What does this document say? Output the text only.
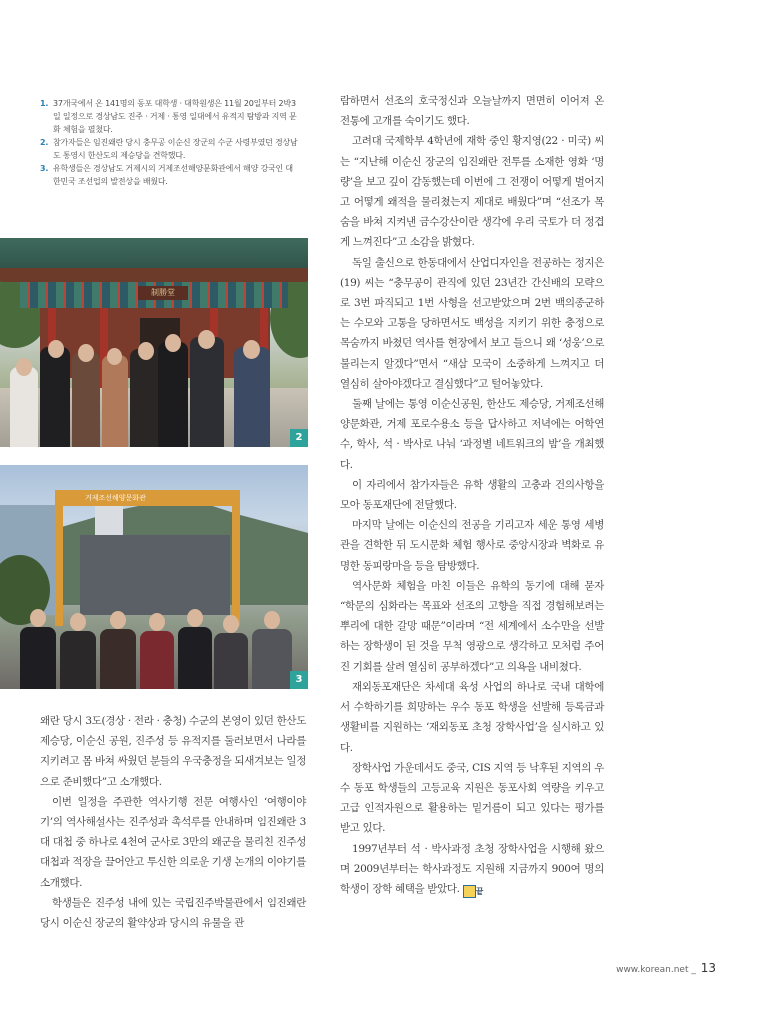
1. 37개국에서 온 141명의 동포 대학생 · 대학원생은 11월 20일부터 2박3일 일정으로 경상남도 진주 · 거제 · 통영 일대에서 유적지 탐방과 지역 문화 체험을 펼쳤다.
2. 참가자들은 임진왜란 당시 충무공 이순신 장군의 수군 사령부였던 경상남도 통영시 한산도의 제승당을 견학했다.
3. 유학생들은 경상남도 거제시의 거제조선해양문화관에서 해양 강국인 대한민국 조선업의 발전상을 배웠다.
制勝堂
2
거제조선해양문화관
3

왜란 당시 3도(경상 · 전라 · 충청) 수군의 본영이 있던 한산도 제승당, 이순신 공원, 진주성 등 유적지를 둘러보면서 나라를 지키려고 몸 바쳐 싸웠던 분들의 우국충정을 되새겨보는 일정으로 준비했다”고 소개했다.

이번 일정을 주관한 역사기행 전문 여행사인 ‘여행이야기’의 역사해설사는 진주성과 촉석루를 안내하며 임진왜란 3대 대첩 중 하나로 4천여 군사로 3만의 왜군을 물리친 진주성대첩과 적장을 끌어안고 투신한 의로운 기생 논개의 이야기를 소개했다.

학생들은 진주성 내에 있는 국립진주박물관에서 임진왜란 당시 이순신 장군의 활약상과 당시의 유물을 관

람하면서 선조의 호국정신과 오늘날까지 면면히 이어져 온 전통에 고개를 숙이기도 했다.

고려대 국제학부 4학년에 재학 중인 황지영(22 · 미국) 씨는 “지난해 이순신 장군의 임진왜란 전투를 소재한 영화 ‘명량’을 보고 깊이 감동했는데 이번에 그 전쟁이 어떻게 벌어지고 어떻게 왜적을 물리쳤는지 제대로 배웠다”며 “선조가 목숨을 바쳐 지켜낸 금수강산이란 생각에 우리 국토가 더 정겹게 느껴진다”고 소감을 밝혔다.

독일 출신으로 한동대에서 산업디자인을 전공하는 정지은(19) 씨는 “충무공이 관직에 있던 23년간 간신배의 모략으로 3번 파직되고 1번 사형을 선고받았으며 2번 백의종군하는 수모와 고통을 당하면서도 백성을 지키기 위한 충정으로 목숨까지 바쳤던 역사를 현장에서 보고 들으니 왜 ‘성웅’으로 불리는지 알겠다”면서 “새삼 모국이 소중하게 느껴지고 더 열심히 살아야겠다고 결심했다”고 털어놓았다.

둘째 날에는 통영 이순신공원, 한산도 제승당, 거제조선해양문화관, 거제 포로수용소 등을 답사하고 저녁에는 어학연수, 학사, 석 · 박사로 나눠 ‘과정별 네트워크의 밤’을 개최했다.

이 자리에서 참가자들은 유학 생활의 고충과 건의사항을 모아 동포재단에 전달했다.

마지막 날에는 이순신의 전공을 기리고자 세운 통영 세병관을 견학한 뒤 도시문화 체험 행사로 중앙시장과 벽화로 유명한 동피랑마을 등을 탐방했다.

역사문화 체험을 마친 이들은 유학의 동기에 대해 묻자 “학문의 심화라는 목표와 선조의 고향을 직접 경험해보려는 뿌리에 대한 갈망 때문”이라며 “전 세계에서 소수만을 선발하는 장학생이 된 것을 무척 영광으로 생각하고 모처럼 주어진 기회를 살려 열심히 공부하겠다”고 의욕을 내비쳤다.

재외동포재단은 차세대 육성 사업의 하나로 국내 대학에서 수학하기를 희망하는 우수 동포 학생을 선발해 등록금과 생활비를 지원하는 ‘재외동포 초청 장학사업’을 실시하고 있다.

장학사업 가운데서도 중국, CIS 지역 등 낙후된 지역의 우수 동포 학생들의 고등교육 지원은 동포사회 역량을 키우고 고급 인적자원으로 활용하는 밑거름이 되고 있다는 평가를 받고 있다.

1997년부터 석 · 박사과정 초청 장학사업을 시행해 왔으며 2009년부터는 학사과정도 지원해 지금까지 900여 명의 학생이 장학 혜택을 받았다. 끝

www.korean.net _ 13
